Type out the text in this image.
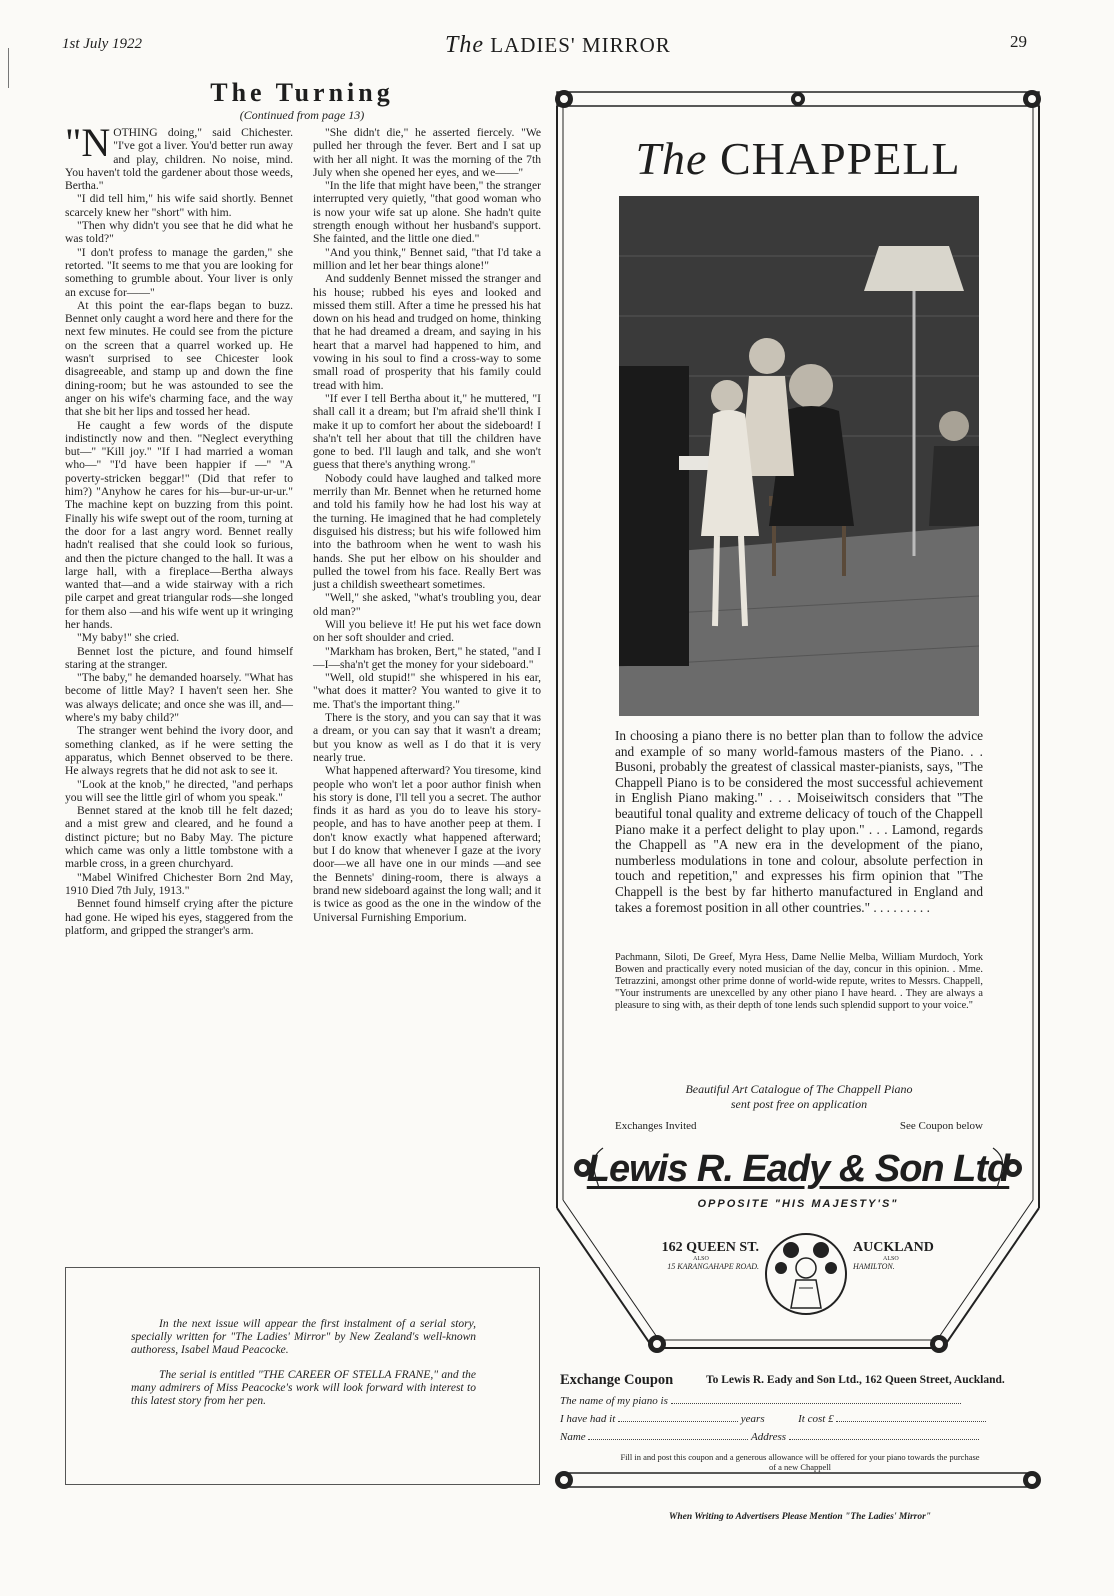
1st July 1922	The LADIES' MIRROR	29
The Turning
(Continued from page 13)

"NOTHING doing," said Chichester. "I've got a liver. You'd better run away and play, children. No noise, mind. You haven't told the gardener about those weeds, Bertha."

"I did tell him," his wife said shortly. Bennet scarcely knew her "short" with him.

"Then why didn't you see that he did what he was told?"

"I don't profess to manage the garden," she retorted. "It seems to me that you are looking for something to grumble about. Your liver is only an excuse for——"

At this point the ear-flaps began to buzz. Bennet only caught a word here and there for the next few minutes. He could see from the picture on the screen that a quarrel worked up. He wasn't surprised to see Chicester look disagreeable, and stamp up and down the fine dining-room; but he was astounded to see the anger on his wife's charming face, and the way that she bit her lips and tossed her head.

He caught a few words of the dispute indistinctly now and then. "Neglect everything but—" "Kill joy." "If I had married a woman who—" "I'd have been happier if —" "A poverty-stricken beggar!" (Did that refer to him?) "Anyhow he cares for his—bur-ur-ur-ur." The machine kept on buzzing from this point. Finally his wife swept out of the room, turning at the door for a last angry word. Bennet really hadn't realised that she could look so furious, and then the picture changed to the hall. It was a large hall, with a fireplace—Bertha always wanted that—and a wide stairway with a rich pile carpet and great triangular rods—she longed for them also —and his wife went up it wringing her hands.

"My baby!" she cried.

Bennet lost the picture, and found himself staring at the stranger.

"The baby," he demanded hoarsely. "What has become of little May? I haven't seen her. She was always delicate; and once she was ill, and—where's my baby child?"

The stranger went behind the ivory door, and something clanked, as if he were setting the apparatus, which Bennet observed to be there. He always regrets that he did not ask to see it.

"Look at the knob," he directed, "and perhaps you will see the little girl of whom you speak."

Bennet stared at the knob till he felt dazed; and a mist grew and cleared, and he found a distinct picture; but no Baby May. The picture which came was only a little tombstone with a marble cross, in a green churchyard.

"Mabel Winifred Chichester Born 2nd May, 1910 Died 7th July, 1913."

Bennet found himself crying after the picture had gone. He wiped his eyes, staggered from the platform, and gripped the stranger's arm.

"She didn't die," he asserted fiercely. "We pulled her through the fever. Bert and I sat up with her all night. It was the morning of the 7th July when she opened her eyes, and we——"

"In the life that might have been," the stranger interrupted very quietly, "that good woman who is now your wife sat up alone. She hadn't quite strength enough without her husband's support. She fainted, and the little one died."

"And you think," Bennet said, "that I'd take a million and let her bear things alone!"

And suddenly Bennet missed the stranger and his house; rubbed his eyes and looked and missed them still. After a time he pressed his hat down on his head and trudged on home, thinking that he had dreamed a dream, and saying in his heart that a marvel had happened to him, and vowing in his soul to find a cross-way to some small road of prosperity that his family could tread with him.

"If ever I tell Bertha about it," he muttered, "I shall call it a dream; but I'm afraid she'll think I make it up to comfort her about the sideboard! I sha'n't tell her about that till the children have gone to bed. I'll laugh and talk, and she won't guess that there's anything wrong."

Nobody could have laughed and talked more merrily than Mr. Bennet when he returned home and told his family how he had lost his way at the turning. He imagined that he had completely disguised his distress; but his wife followed him into the bathroom when he went to wash his hands. She put her elbow on his shoulder and pulled the towel from his face. Really Bert was just a childish sweetheart sometimes.

"Well," she asked, "what's troubling you, dear old man?"

Will you believe it! He put his wet face down on her soft shoulder and cried.

"Markham has broken, Bert," he stated, "and I—I—sha'n't get the money for your sideboard."

"Well, old stupid!" she whispered in his ear, "what does it matter? You wanted to give it to me. That's the important thing."

There is the story, and you can say that it was a dream, or you can say that it wasn't a dream; but you know as well as I do that it is very nearly true.

What happened afterward? You tiresome, kind people who won't let a poor author finish when his story is done, I'll tell you a secret. The author finds it as hard as you do to leave his story-people, and has to have another peep at them. I don't know exactly what happened afterward; but I do know that whenever I gaze at the ivory door—we all have one in our minds —and see the Bennets' dining-room, there is always a brand new sideboard against the long wall; and it is twice as good as the one in the window of the Universal Furnishing Emporium.

In the next issue will appear the first instalment of a serial story, specially written for "The Ladies' Mirror" by New Zealand's well-known authoress, Isabel Maud Peacocke.

The serial is entitled "THE CAREER OF STELLA FRANE," and the many admirers of Miss Peacocke's work will look forward with interest to this latest story from her pen.

The CHAPPELL
In choosing a piano there is no better plan than to follow the advice and example of so many world-famous masters of the Piano. . . Busoni, probably the greatest of classical master-pianists, says, "The Chappell Piano is to be considered the most successful achievement in English Piano making." . . . Moiseiwitsch considers that "The beautiful tonal quality and extreme delicacy of touch of the Chappell Piano make it a perfect delight to play upon." . . . Lamond, regards the Chappell as "A new era in the development of the piano, numberless modulations in tone and colour, absolute perfection in touch and repetition," and expresses his firm opinion that "The Chappell is the best by far hitherto manufactured in England and takes a foremost position in all other countries." . . . . . . . . .
Pachmann, Siloti, De Greef, Myra Hess, Dame Nellie Melba, William Murdoch, York Bowen and practically every noted musician of the day, concur in this opinion. . Mme. Tetrazzini, amongst other prime donne of world-wide repute, writes to Messrs. Chappell, "Your instruments are unexcelled by any other piano I have heard. . They are always a pleasure to sing with, as their depth of tone lends such splendid support to your voice."
Beautiful Art Catalogue of The Chappell Piano
sent post free on application
Exchanges Invited	See Coupon below
Lewis R. Eady & Son Ltd
OPPOSITE "HIS MAJESTY'S"
162 QUEEN ST.
ALSO
15 KARANGAHAPE ROAD.
AUCKLAND
ALSO
HAMILTON.
Exchange Coupon	To Lewis R. Eady and Son Ltd., 162 Queen Street, Auckland.
The name of my piano is
I have had it	years	It cost £
Name	Address
Fill in and post this coupon and a generous allowance will be offered for your piano towards the purchase of a new Chappell
When Writing to Advertisers Please Mention "The Ladies' Mirror"
